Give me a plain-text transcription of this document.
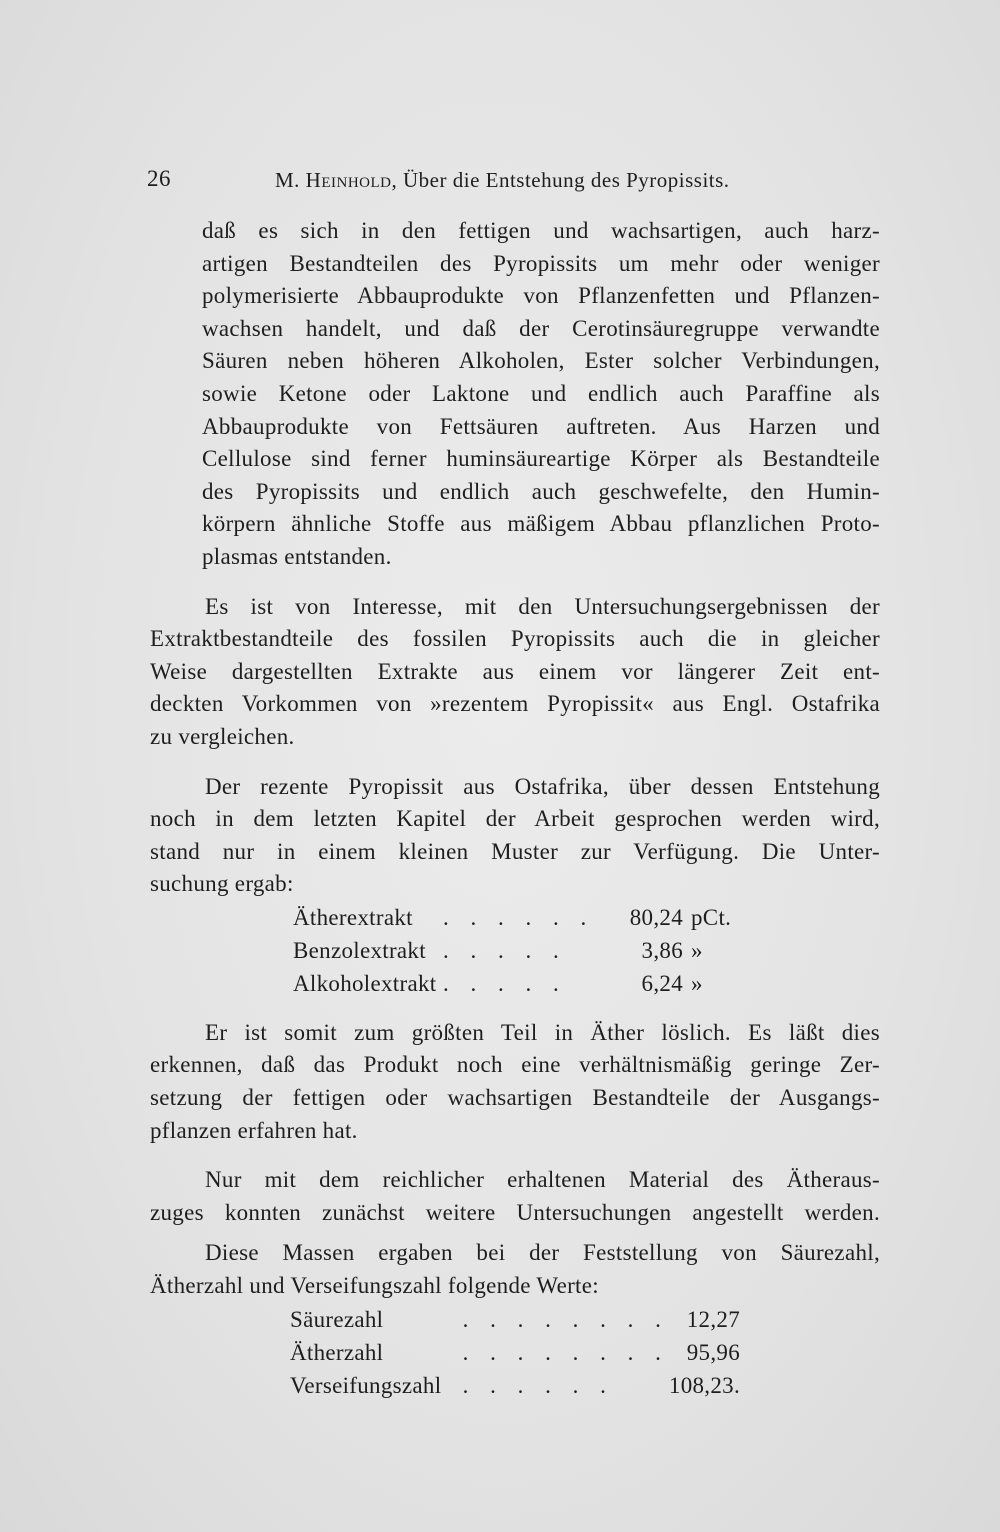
26	M. Heinhold, Über die Entstehung des Pyropissits.
daß es sich in den fettigen und wachsartigen, auch harz-
artigen Bestandteilen des Pyropissits um mehr oder weniger
polymerisierte Abbauprodukte von Pflanzenfetten und Pflanzen-
wachsen handelt, und daß der Cerotinsäuregruppe verwandte
Säuren neben höheren Alkoholen, Ester solcher Verbindungen,
sowie Ketone oder Laktone und endlich auch Paraffine als
Abbauprodukte von Fettsäuren auftreten. Aus Harzen und
Cellulose sind ferner huminsäureartige Körper als Bestandteile
des Pyropissits und endlich auch geschwefelte, den Humin-
körpern ähnliche Stoffe aus mäßigem Abbau pflanzlichen Proto-
plasmas entstanden.
Es ist von Interesse, mit den Untersuchungsergebnissen der
Extraktbestandteile des fossilen Pyropissits auch die in gleicher
Weise dargestellten Extrakte aus einem vor längerer Zeit ent-
deckten Vorkommen von »rezentem Pyropissit« aus Engl. Ostafrika
zu vergleichen.
Der rezente Pyropissit aus Ostafrika, über dessen Entstehung
noch in dem letzten Kapitel der Arbeit gesprochen werden wird,
stand nur in einem kleinen Muster zur Verfügung. Die Unter-
suchung ergab:
Ätherextrakt	. . . . . .	80,24	pCt.
Benzolextrakt	. . . . .	3,86	»
Alkoholextrakt	. . . . .	6,24	»
Er ist somit zum größten Teil in Äther löslich. Es läßt dies
erkennen, daß das Produkt noch eine verhältnismäßig geringe Zer-
setzung der fettigen oder wachsartigen Bestandteile der Ausgangs-
pflanzen erfahren hat.
Nur mit dem reichlicher erhaltenen Material des Ätheraus-
zuges konnten zunächst weitere Untersuchungen angestellt werden.
Diese Massen ergaben bei der Feststellung von Säurezahl,
Ätherzahl und Verseifungszahl folgende Werte:
Säurezahl	. . . . . . . .	12,27
Ätherzahl	. . . . . . . .	95,96
Verseifungszahl	. . . . . .	108,23.
